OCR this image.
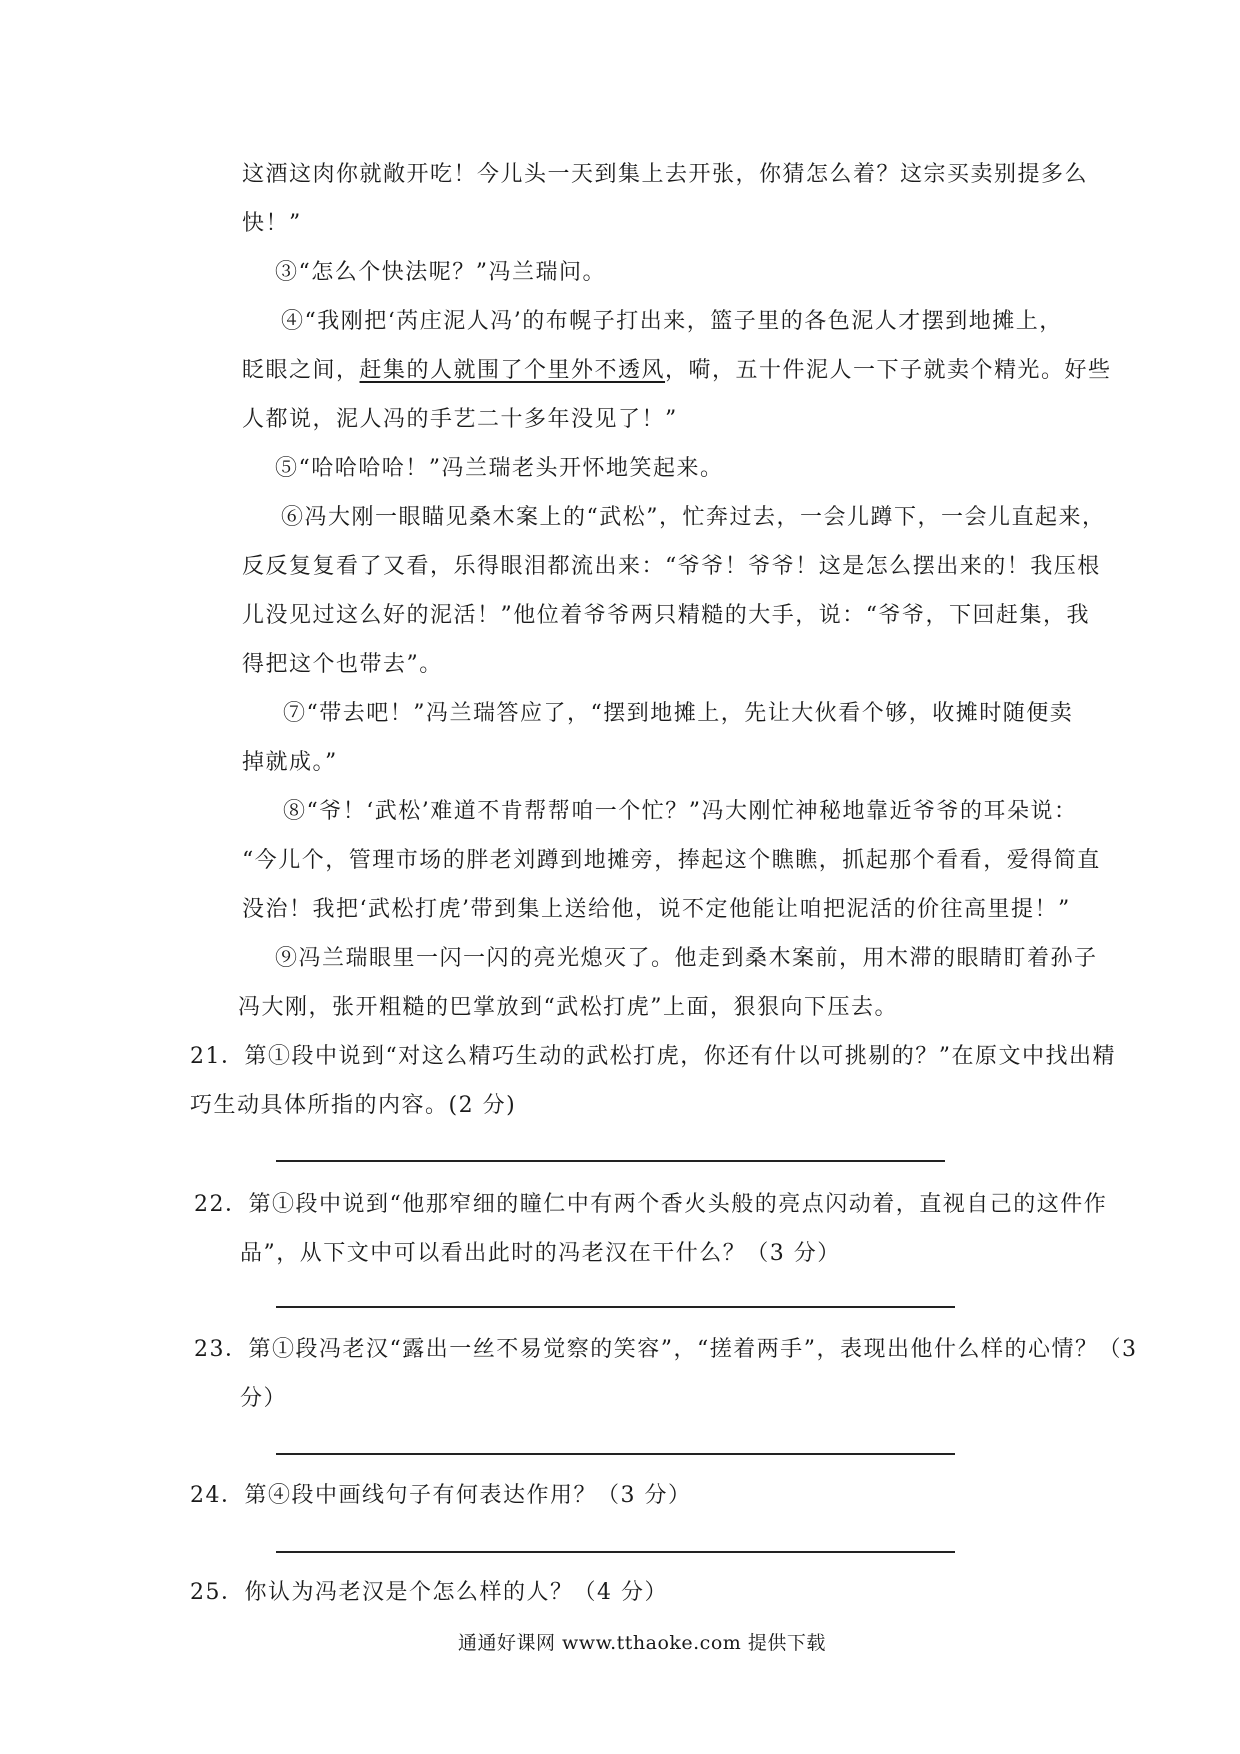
这酒这肉你就敞开吃！今儿头一天到集上去开张，你猜怎么着？这宗买卖别提多么
快！”
③“怎么个快法呢？”冯兰瑞问。
④“我刚把‘芮庄泥人冯’的布幌子打出来，篮子里的各色泥人才摆到地摊上，
眨眼之间，赶集的人就围了个里外不透风，嗬，五十件泥人一下子就卖个精光。好些
人都说，泥人冯的手艺二十多年没见了！”
⑤“哈哈哈哈！”冯兰瑞老头开怀地笑起来。
⑥冯大刚一眼瞄见桑木案上的“武松”，忙奔过去，一会儿蹲下，一会儿直起来，
反反复复看了又看，乐得眼泪都流出来：“爷爷！爷爷！这是怎么摆出来的！我压根
儿没见过这么好的泥活！”他位着爷爷两只精糙的大手，说：“爷爷，下回赶集，我
得把这个也带去”。
⑦“带去吧！”冯兰瑞答应了，“摆到地摊上，先让大伙看个够，收摊时随便卖
掉就成。”
⑧“爷！‘武松’难道不肯帮帮咱一个忙？”冯大刚忙神秘地靠近爷爷的耳朵说：
“今儿个，管理市场的胖老刘蹲到地摊旁，捧起这个瞧瞧，抓起那个看看，爱得简直
没治！我把‘武松打虎’带到集上送给他，说不定他能让咱把泥活的价往高里提！”
⑨冯兰瑞眼里一闪一闪的亮光熄灭了。他走到桑木案前，用木滞的眼睛盯着孙子
冯大刚，张开粗糙的巴掌放到“武松打虎”上面，狠狠向下压去。
21．第①段中说到“对这么精巧生动的武松打虎，你还有什以可挑剔的？”在原文中找出精
巧生动具体所指的内容。(2 分)
22．第①段中说到“他那窄细的瞳仁中有两个香火头般的亮点闪动着，直视自己的这件作
品”，从下文中可以看出此时的冯老汉在干什么？（3 分）
23．第①段冯老汉“露出一丝不易觉察的笑容”，“搓着两手”，表现出他什么样的心情？（3
分）
24．第④段中画线句子有何表达作用？（3 分）
25．你认为冯老汉是个怎么样的人？（4 分）
通通好课网 www.tthaoke.com 提供下载
